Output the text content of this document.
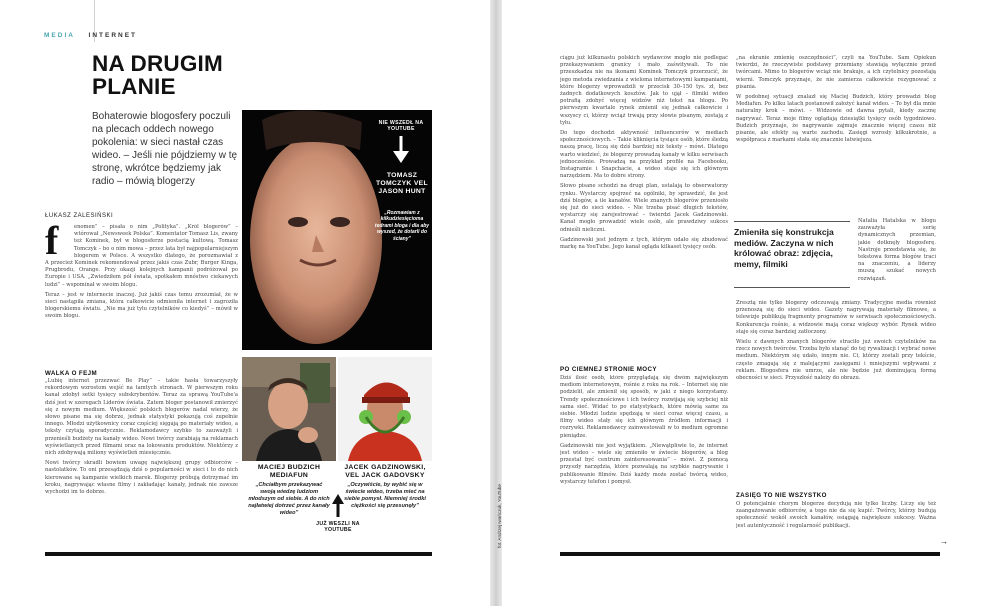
MEDIA INTERNET
NA DRUGIM PLANIE
Bohaterowie blogosfery poczuli na plecach oddech nowego pokolenia: w sieci nastał czas wideo. – Jeśli nie pójdziemy w tę stronę, wkrótce będziemy jak radio – mówią blogerzy
ŁUKASZ ZALESIŃSKI
f	enomen” – pisała o nim „Polityka”. „Król blogerów” – wtórował „Newsweek Polska”. Komentator Tomasz Lis, zwany też Kominek, był w blogosferze postacią kultową. Tomasz Tomczyk – bo o nim mowa – przez lata był najpopularniejszym blogerem w Polsce. A wszystko dlatego, że porozmawiał z

A przecież Kominek rekomendował przez jakiś czas Żubr, Burger Kinga, Prugbrodu, Orange. Przy okazji kolejnych kampanii podróżował po Europie i USA. „Zwiedziłem pół świata, spotkałem mnóstwo ciekawych ludzi” – wspominał w swoim blogu.

Teraz – jest w internecie inaczej. Już jakiś czas temu zrozumiał, że w sieci nastąpiła zmiana, która całkowicie odmieniła internet i zagroziła blogerskiemu światu. „Nie ma już tylu czytelników co kiedyś” – mówił w swoim blogu.

WALKA O FEJM

„Lubię internet przezwać Be Play” – takie hasła towarzyszyły rekordowym wzrostom wejść na tamtych stronach. W pierwszym roku kanał zdobył setki tysięcy subskrybentów. Teraz za sprawą YouTube'a dziś jest w szeregach Liderów świata. Zatem bloger postanowił zmierzyć się z nowym medium. Większość polskich blogerów nadal wierzy, że słowo pisane ma się dobrze, jednak statystyki pokazują coś zupełnie innego. Młodzi użytkownicy coraz częściej sięgają po materiały wideo, a teksty czytają sporadycznie. Reklamodawcy szybko to zauważyli i przenieśli budżety na kanały wideo. Nowi twórcy zarabiają na reklamach wyświetlanych przed filmami oraz na lokowaniu produktów. Niektórzy z nich zdobywają miliony wyświetleń miesięcznie.

Nowi twórcy skradli bowiem uwagę największej grupy odbiorców – nastolatków. To oni przesądzają dziś o popularności w sieci i to do nich kierowane są kampanie wielkich marek. Blogerzy próbują dotrzymać im kroku, nagrywając własne filmy i zakładając kanały, jednak nie zawsze wychodzi im to dobrze.

NIE WSZEDŁ NA YOUTUBE
TOMASZ TOMCZYK VEL JASON HUNT
„Rozmawiam z kilkudziesięcioma tedrami bloga i dla aby wyszed, że dotarli do ściany”
MACIEJ BUDZICH MEDIAFUN
„Chciałbym przekazywać swoją wiedzę ludziom młodszym od siebie. A do nich najłatwiej dotrzeć przez kanały wideo”
JACEK GADZINOWSKI, VEL JACK GADOVSKY
„Oczywiście, by wybić się w świecie wideo, trzeba mieć na siebie pomysł. Niemniej środki ciężkości się przesunęły”
JUŻ WESZLI NA YOUTUBE	fot. Andrzej Iwańczuk, YouTube

ciągu już kilkunastu polskich wydawców mogło nie podlegać przekazywaniem granicy i mało zaświtywali. To nie przeszkadza nie na ikonami Kominek Tomczyk przerzucić, że jego metoda zwiedzania z wieloma internetowymi kampaniami, które blogerzy wprowadzili w przecisk 30–150 tys. zł, bez żadnych dodatkowych kosztów. Jak to ujął – filmiki wideo potrafią zdobyć więcej widzów niż tekst na blogu. Po pierwszym kwartale rynek zmienił się jednak całkowicie i wszyscy ci, którzy wciąż trwają przy słowie pisanym, zostają z tyłu.

Do tego dochodzi aktywność influencerów w mediach społecznościowych. – Takie kliknięcia tysiące osób, które śledzą naszą pracę, liczą się dziś bardziej niż teksty – mówi. Dlatego warto wiedzieć, że blogerzy prowadzą kanały w kilku serwisach jednocześnie. Prowadzą na przykład profile na Facebooku, Instagramie i Snapchacie, a wideo staje się ich głównym narzędziem. Ma to dobre strony.

Słowo pisane schodzi na drugi plan, ustalają to obserwatorzy rynku. Wystarczy spojrzeć na ogólniki, by sprawdzić, ile jest dziś blogów, a ile kanałów. Wiele znanych blogerów przeniosło się już do sieci wideo. – Nie trzeba pisać długich tekstów, wystarczy się zarejestrować – twierdzi Jacek Gadzinowski. Kanał mogło prowadzić wiele osób, ale prawdziwy sukces odnieśli nieliczni.

Gadzinowski jest jednym z tych, którym udało się zbudować markę na YouTube. Jego kanał ogląda kilkaset tysięcy osób.

PO CIEMNEJ STRONIE MOCY

Dziś ilość osób, które przyglądają się dwóm największym mediom internetowym, rośnie z roku na rok. – Internet się nie podzielił, ale zmienił się sposób, w jaki z niego korzystamy. Trendy społecznościowe i ich twórcy rozwijają się szybciej niż sama sieć. Widać to po statystykach, które mówią same za siebie. Młodzi ludzie spędzają w sieci coraz więcej czasu, a filmy wideo stały się ich głównym źródłem informacji i rozrywki. Reklamodawcy zainwestowali w to medium ogromne pieniądze.

Gadzinowski nie jest wyjątkiem. „Niewątpliwie to, że internet jest wideo – wiele się zmieniło w świecie blogerów, a blog przestał być centrum zainteresowania” – mówi. Z pomocą przyszły narzędzia, które pozwalają na szybkie nagrywanie i publikowanie filmów. Dziś każdy może zostać twórcą wideo, wystarczy telefon i pomysł.

Zmieniła się konstrukcja mediów. Zaczyna w nich królować obraz: zdjęcia, memy, filmiki

„na ekranie zmienię oszczędności”, czyli na YouTube. Sam Opiekun twierdzi, że rzeczywiste podstawy przemiany stawiają wyłącznie przed twórcami. Mimo to blogerów wciąż nie brakuje, a ich czytelnicy pozostają wierni. Tomczyk przyznaje, że nie zamierza całkowicie rezygnować z pisania.

W podobnej sytuacji znalazł się Maciej Budzich, który prowadzi blog Mediafun. Po kilku latach postanowił założyć kanał wideo. – To był dla mnie naturalny krok – mówi. – Widzowie od dawna pytali, kiedy zacznę nagrywać. Teraz moje filmy oglądają dziesiątki tysięcy osób tygodniowo. Budzich przyznaje, że nagrywanie zajmuje znacznie więcej czasu niż pisanie, ale efekty są warte zachodu. Zasięgi wzrosły kilkukrotnie, a współpraca z markami stała się znacznie łatwiejsza.

Natalia Hatalska w blogu zauważyła serię dynamicznych przemian, jakie dotknęły blogosferę. Nastroje przedstawia się, że tekstowa forma blogów traci na znaczeniu, a liderzy muszą szukać nowych rozwiązań.

Zresztą nie tylko blogerzy odczuwają zmiany. Tradycyjne media również przenoszą się do sieci wideo. Gazety nagrywają materiały filmowe, a telewizje publikują fragmenty programów w serwisach społecznościowych. Konkurencja rośnie, a widzowie mają coraz większy wybór. Rynek wideo staje się coraz bardziej zatłoczony.

Wielu z dawnych znanych blogerów straciło już swoich czytelników na rzecz nowych twórców. Trzeba było stanąć do tej rywalizacji i wybrać nowe medium. Niektórym się udało, innym nie. Ci, którzy zostali przy tekście, często zmagają się z malejącymi zasięgami i mniejszymi wpływami z reklam. Blogosfera nie umrze, ale nie będzie już dominującą formą obecności w sieci. Przyszłość należy do obrazu.

ZASIĘG TO NIE WSZYSTKO

O potencjalnie chorym blogerze decydują nie tylko liczby. Liczy się też zaangażowanie odbiorców, a tego nie da się kupić. Twórcy, którzy budują społeczność wokół swoich kanałów, osiągają największe sukcesy. Ważna jest autentyczność i regularność publikacji.

→
